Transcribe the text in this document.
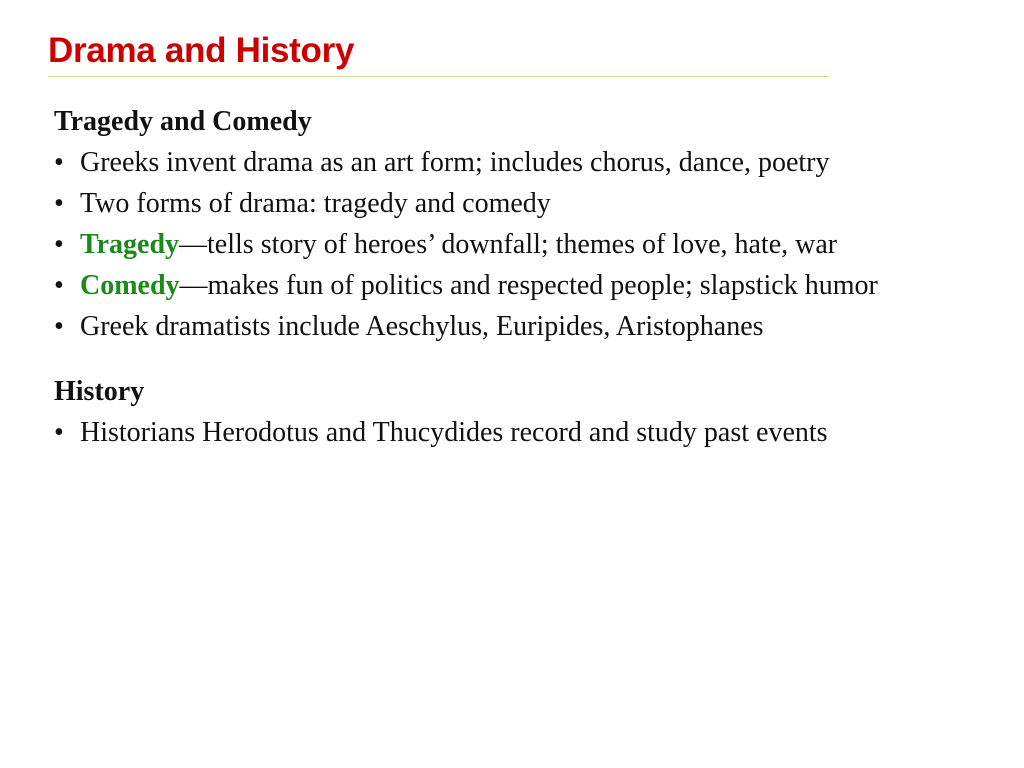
Drama and History

Tragedy and Comedy

• Greeks invent drama as an art form; includes chorus, dance, poetry
• Two forms of drama: tragedy and comedy
• Tragedy—tells story of heroes’ downfall; themes of love, hate, war
• Comedy—makes fun of politics and respected people; slapstick humor
• Greek dramatists include Aeschylus, Euripides, Aristophanes

History

• Historians Herodotus and Thucydides record and study past events
